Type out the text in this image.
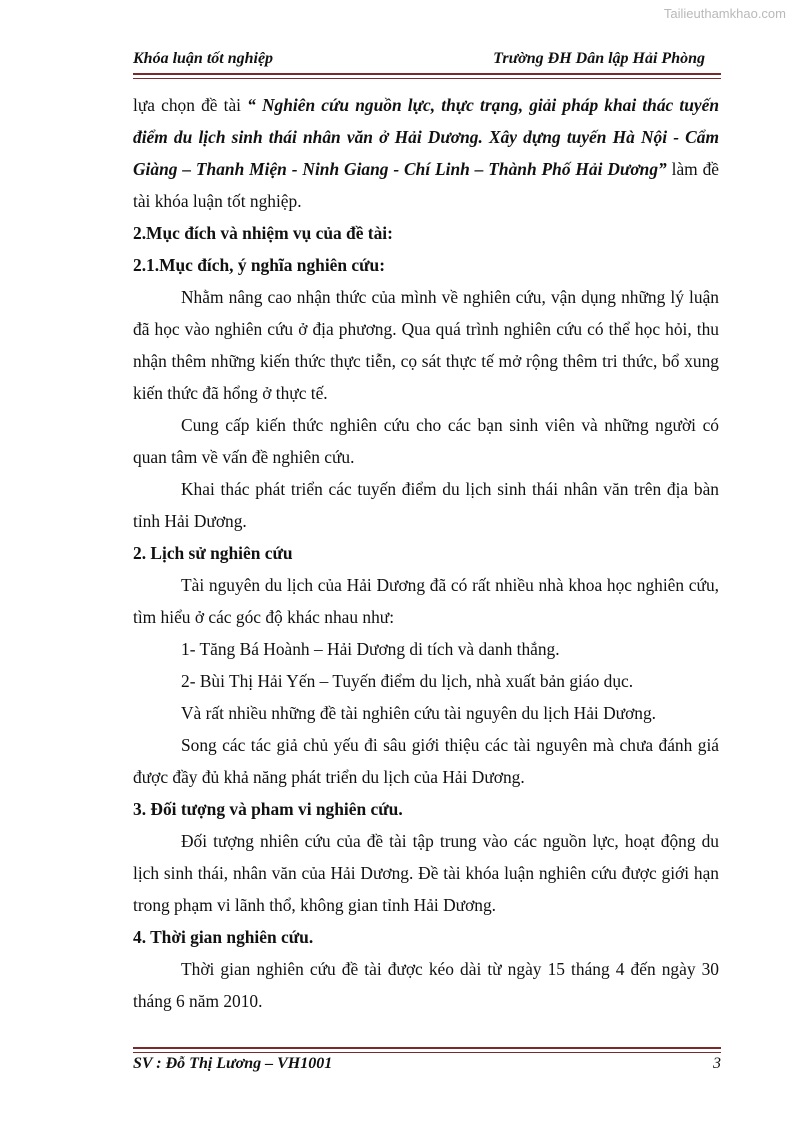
Tailieuthamkhao.com
Khóa luận tốt nghiệp	Trường ĐH Dân lập Hải Phòng

lựa chọn đề tài “ Nghiên cứu nguồn lực, thực trạng, giải pháp khai thác tuyến điểm du lịch sinh thái nhân văn ở Hải Dương. Xây dựng tuyến Hà Nội - Cẩm Giàng – Thanh Miện - Ninh Giang - Chí Linh – Thành Phố Hải Dương” làm đề tài khóa luận tốt nghiệp.

2.Mục đích và nhiệm vụ của đề tài:

2.1.Mục đích, ý nghĩa nghiên cứu:

Nhằm nâng cao nhận thức của mình về nghiên cứu, vận dụng những lý luận đã học vào nghiên cứu ở địa phương. Qua quá trình nghiên cứu có thể học hỏi, thu nhận thêm những kiến thức thực tiễn, cọ sát thực tế mở rộng thêm tri thức, bổ xung kiến thức đã hổng ở thực tế.

Cung cấp kiến thức nghiên cứu cho các bạn sinh viên và những người có quan tâm về vấn đề nghiên cứu.

Khai thác phát triển các tuyến điểm du lịch sinh thái nhân văn trên địa bàn tỉnh Hải Dương.

2. Lịch sử nghiên cứu

Tài nguyên du lịch của Hải Dương đã có rất nhiều nhà khoa học nghiên cứu, tìm hiểu ở các góc độ khác nhau như:

1- Tăng Bá Hoành – Hải Dương di tích và danh thắng.

2- Bùi Thị Hải Yến – Tuyến điểm du lịch, nhà xuất bản giáo dục.

Và rất nhiều những đề tài nghiên cứu tài nguyên du lịch Hải Dương.

Song các tác giả chủ yếu đi sâu giới thiệu các tài nguyên mà chưa đánh giá được đầy đủ khả năng phát triển du lịch của Hải Dương.

3. Đối tượng và pham vi nghiên cứu.

Đối tượng nhiên cứu của đề tài tập trung vào các nguồn lực, hoạt động du lịch sinh thái, nhân văn của Hải Dương. Đề tài khóa luận nghiên cứu được giới hạn trong phạm vi lãnh thổ, không gian tỉnh Hải Dương.

4. Thời gian nghiên cứu.

Thời gian nghiên cứu đề tài được kéo dài từ ngày 15 tháng 4 đến ngày 30 tháng 6 năm 2010.

SV : Đỗ Thị Lương – VH1001	3
